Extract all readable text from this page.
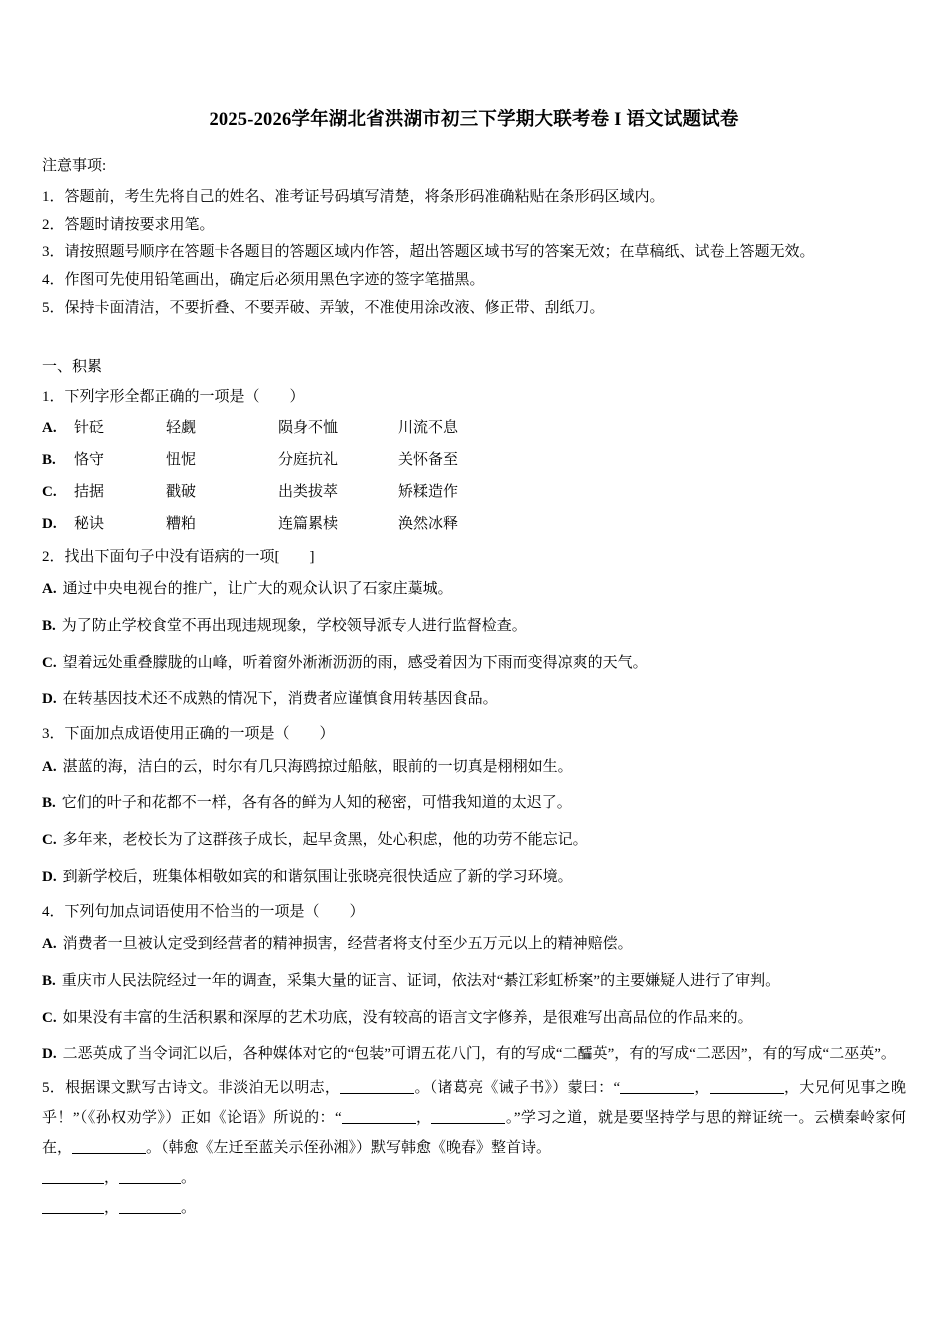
2025-2026学年湖北省洪湖市初三下学期大联考卷 I 语文试题试卷
注意事项:
1．答题前，考生先将自己的姓名、准考证号码填写清楚，将条形码准确粘贴在条形码区域内。
2．答题时请按要求用笔。
3．请按照题号顺序在答题卡各题目的答题区域内作答，超出答题区域书写的答案无效；在草稿纸、试卷上答题无效。
4．作图可先使用铅笔画出，确定后必须用黑色字迹的签字笔描黑。
5．保持卡面清洁，不要折叠、不要弄破、弄皱，不准使用涂改液、修正带、刮纸刀。
一、积累
1．下列字形全都正确的一项是（　　）
A.	针砭	轻觑	陨身不恤	川流不息
B.	恪守	忸怩	分庭抗礼	关怀备至
C.	拮据	戳破	出类拔萃	矫糅造作
D.	秘诀	糟粕	连篇累椟	涣然冰释
2．找出下面句子中没有语病的一项[　　]
A. 通过中央电视台的推广，让广大的观众认识了石家庄藁城。
B. 为了防止学校食堂不再出现违规现象，学校领导派专人进行监督检查。
C. 望着远处重叠朦胧的山峰，听着窗外淅淅沥沥的雨，感受着因为下雨而变得凉爽的天气。
D. 在转基因技术还不成熟的情况下，消费者应谨慎食用转基因食品。
3．下面加点成语使用正确的一项是（　　）
A. 湛蓝的海，洁白的云，时尔有几只海鸥掠过船舷，眼前的一切真是栩栩如生。
B. 它们的叶子和花都不一样，各有各的鲜为人知的秘密，可惜我知道的太迟了。
C. 多年来，老校长为了这群孩子成长，起早贪黑，处心积虑，他的功劳不能忘记。
D. 到新学校后，班集体相敬如宾的和谐氛围让张晓亮很快适应了新的学习环境。
4．下列句加点词语使用不恰当的一项是（　　）
A. 消费者一旦被认定受到经营者的精神损害，经营者将支付至少五万元以上的精神赔偿。
B. 重庆市人民法院经过一年的调查，采集大量的证言、证词，依法对“綦江彩虹桥案”的主要嫌疑人进行了审判。
C. 如果没有丰富的生活积累和深厚的艺术功底，没有较高的语言文字修养，是很难写出高品位的作品来的。
D. 二恶英成了当令词汇以后，各种媒体对它的“包装”可谓五花八门，有的写成“二醽英”，有的写成“二恶因”，有的写成“二巫英”。
5．根据课文默写古诗文。非淡泊无以明志，	。（诸葛亮《诫子书》）蒙曰：“	，	，大兄何见事之晚乎！”（《孙权劝学》）正如《论语》所说的：“	，	。”学习之道，就是要坚持学与思的辩证统一。云横秦岭家何在，	。（韩愈《左迁至蓝关示侄孙湘》）默写韩愈《晚春》整首诗。
，	。
，	。
